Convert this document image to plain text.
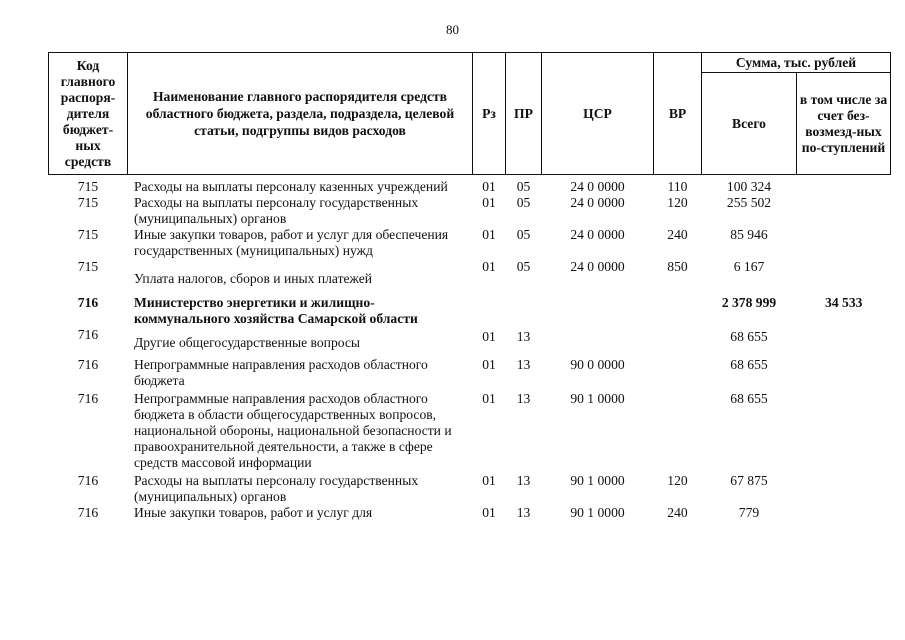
80
Код главного распоря-дителя бюджет-ных средств	Наименование главного распорядителя средств областного бюджета, раздела, подраздела, целевой статьи, подгруппы видов расходов	Рз	ПР	ЦСР	ВР	Сумма, тыс. рублей	
						Всего	в том числе за счет без-возмезд-ных по-ступлений

715	Расходы на выплаты персоналу казенных учреждений	01	05	24 0 0000	110	100 324	
715	Расходы на выплаты персоналу государственных (муниципальных) органов	01	05	24 0 0000	120	255 502	
715	Иные закупки товаров, работ и услуг для обеспечения государственных (муниципальных) нужд	01	05	24 0 0000	240	85 946	
715	Уплата налогов, сборов и иных платежей	01	05	24 0 0000	850	6 167	
716	Министерство энергетики и жилищно-коммунального хозяйства Самарской области					2 378 999	34 533
716	Другие общегосударственные вопросы	01	13			68 655	
716	Непрограммные направления расходов областного бюджета	01	13	90 0 0000		68 655	
716	Непрограммные направления расходов областного бюджета в области общегосударственных вопросов, национальной обороны, национальной безопасности и правоохранительной деятельности, а также в сфере средств массовой информации	01	13	90 1 0000		68 655	
716	Расходы на выплаты персоналу государственных (муниципальных) органов	01	13	90 1 0000	120	67 875	
716	Иные закупки товаров, работ и услуг для	01	13	90 1 0000	240	779	
